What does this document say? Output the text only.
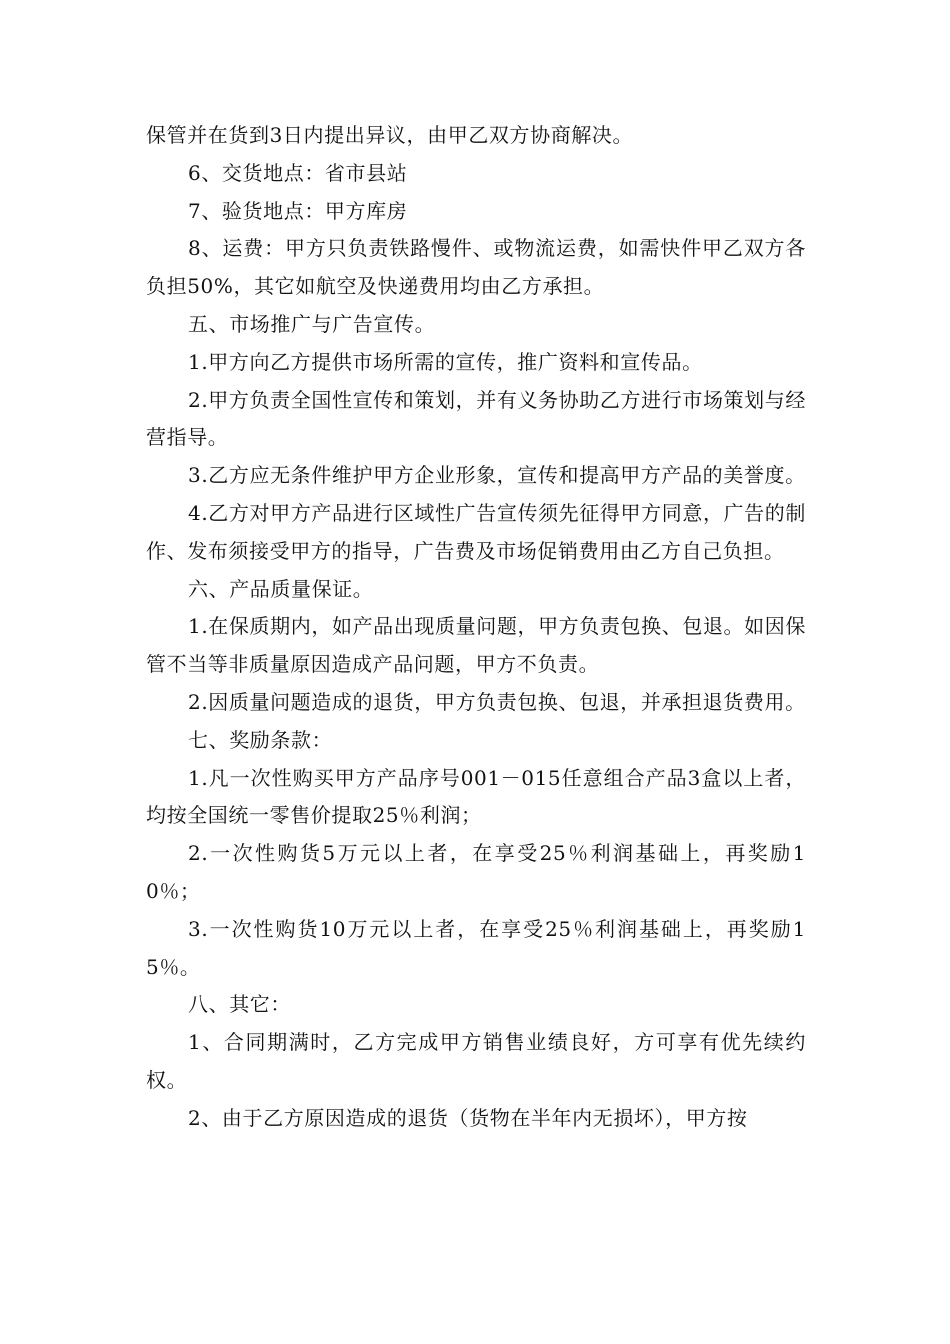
保管并在货到3日内提出异议，由甲乙双方协商解决。

6、交货地点：省市县站

7、验货地点：甲方库房

8、运费：甲方只负责铁路慢件、或物流运费，如需快件甲乙双方各负担50%，其它如航空及快递费用均由乙方承担。

五、市场推广与广告宣传。

1.甲方向乙方提供市场所需的宣传，推广资料和宣传品。

2.甲方负责全国性宣传和策划，并有义务协助乙方进行市场策划与经营指导。

3.乙方应无条件维护甲方企业形象，宣传和提高甲方产品的美誉度。

4.乙方对甲方产品进行区域性广告宣传须先征得甲方同意，广告的制作、发布须接受甲方的指导，广告费及市场促销费用由乙方自己负担。

六、产品质量保证。

1.在保质期内，如产品出现质量问题，甲方负责包换、包退。如因保管不当等非质量原因造成产品问题，甲方不负责。

2.因质量问题造成的退货，甲方负责包换、包退，并承担退货费用。

七、奖励条款：

1.凡一次性购买甲方产品序号001－015任意组合产品3盒以上者，均按全国统一零售价提取25％利润；

2.一次性购货5万元以上者，在享受25％利润基础上，再奖励10％；

3.一次性购货10万元以上者，在享受25％利润基础上，再奖励15％。

八、其它：

1、合同期满时，乙方完成甲方销售业绩良好，方可享有优先续约权。

2、由于乙方原因造成的退货（货物在半年内无损坏），甲方按
